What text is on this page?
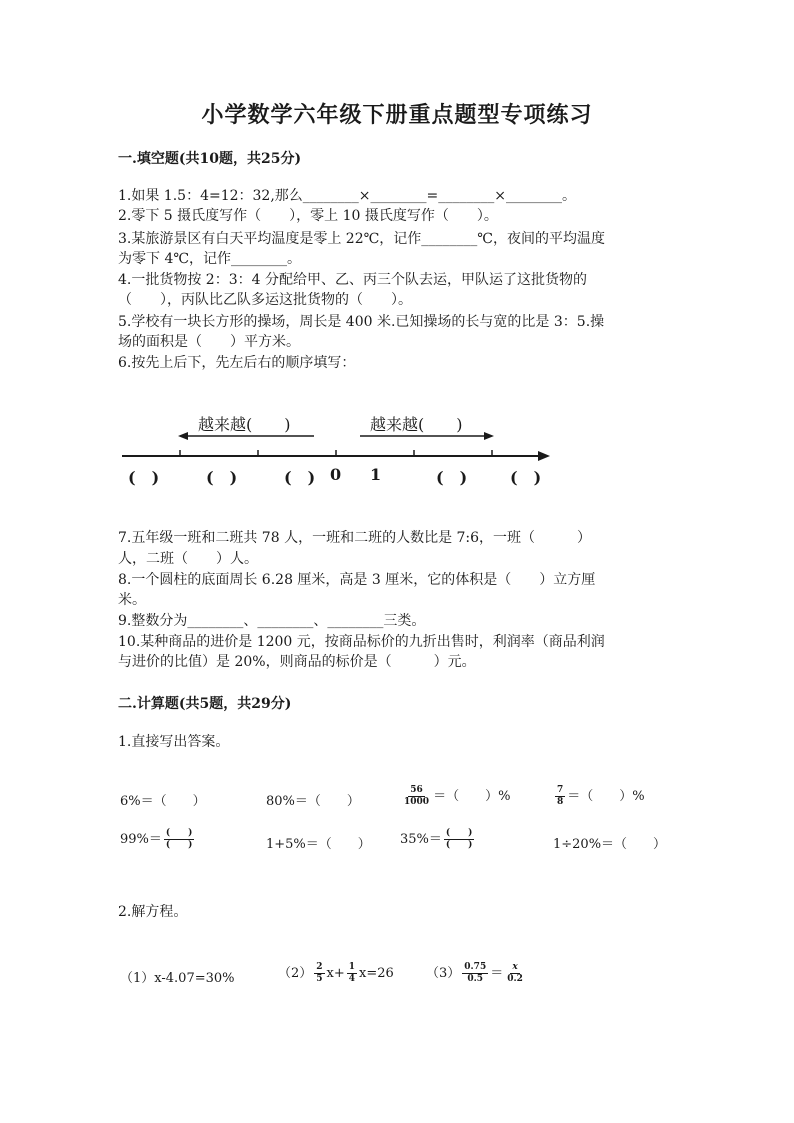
小学数学六年级下册重点题型专项练习
一.填空题(共10题，共25分)
1.如果 1.5：4=12：32,那么________×________=________×________。
2.零下 5 摄氏度写作（　　），零上 10 摄氏度写作（　　）。
3.某旅游景区有白天平均温度是零上 22℃，记作________℃，夜间的平均温度
为零下 4℃，记作________。
4.一批货物按 2：3：4 分配给甲、乙、丙三个队去运，甲队运了这批货物的
（　　），丙队比乙队多运这批货物的（　　）。
5.学校有一块长方形的操场，周长是 400 米.已知操场的长与宽的比是 3：5.操
场的面积是（　　）平方米。
6.按先上后下，先左后右的顺序填写：
越来越(　　)	越来越(　　)
(　)	(　)	(　) 0 1	(　)	(　)
7.五年级一班和二班共 78 人，一班和二班的人数比是 7:6，一班（　　　）
人，二班（　　）人。
8.一个圆柱的底面周长 6.28 厘米，高是 3 厘米，它的体积是（　　）立方厘
米。
9.整数分为________、________、________三类。
10.某种商品的进价是 1200 元，按商品标价的九折出售时，利润率（商品利润
与进价的比值）是 20%，则商品的标价是（　　　）元。
二.计算题(共5题，共29分)
1.直接写出答案。
6%＝（　　）	80%＝（　　）	$\frac{56}{1000}$ ＝（　　）%	$\frac{7}{8}$ ＝（　　）%
$99\%= \frac{( )}{( )}$	1+5%＝（　　） $35\%= \frac{( )}{( )}$	1÷20%＝（　　）
2.解方程。
（1）x-4.07=30%	$(2) \frac{2}{5} x+ \frac{1}{4} x=26$ $(3) \frac{0.75}{0.5} = \frac{x}{0.2}$
